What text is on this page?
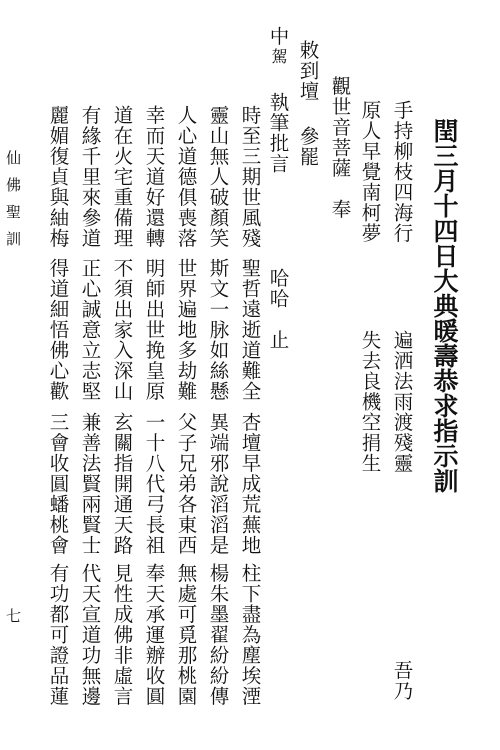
閏三月十四日大典暖壽恭求指示訓
吾乃
手持柳枝四海行
遍洒法雨渡殘靈
原人早覺南柯夢
失去良機空捐生
觀世音菩薩　奉
敕到壇
參罷
中
駕
執筆批言
哈哈　止
時至三期世風殘
聖哲遠逝道難全
杏壇早成荒蕪地
柱下盡為塵埃湮
靈山無人破顏笑
斯文一脉如絲懸
異端邪說滔滔是
楊朱墨翟紛紛傳
人心道德俱喪落
世界遍地多劫難
父子兄弟各東西
無處可覓那桃園
幸而天道好還轉
明師出世挽皇原
一十八代弓長祖
奉天承運辦收圓
道在火宅重備理
不須出家入深山
玄關指開通天路
見性成佛非虛言
有緣千里來參道
正心誠意立志堅
兼善法賢兩賢士
代天宣道功無邊
麗媚復貞與紬梅
得道細悟佛心歡
三會收圓蟠桃會
有功都可證品蓮
仙佛聖訓
七
